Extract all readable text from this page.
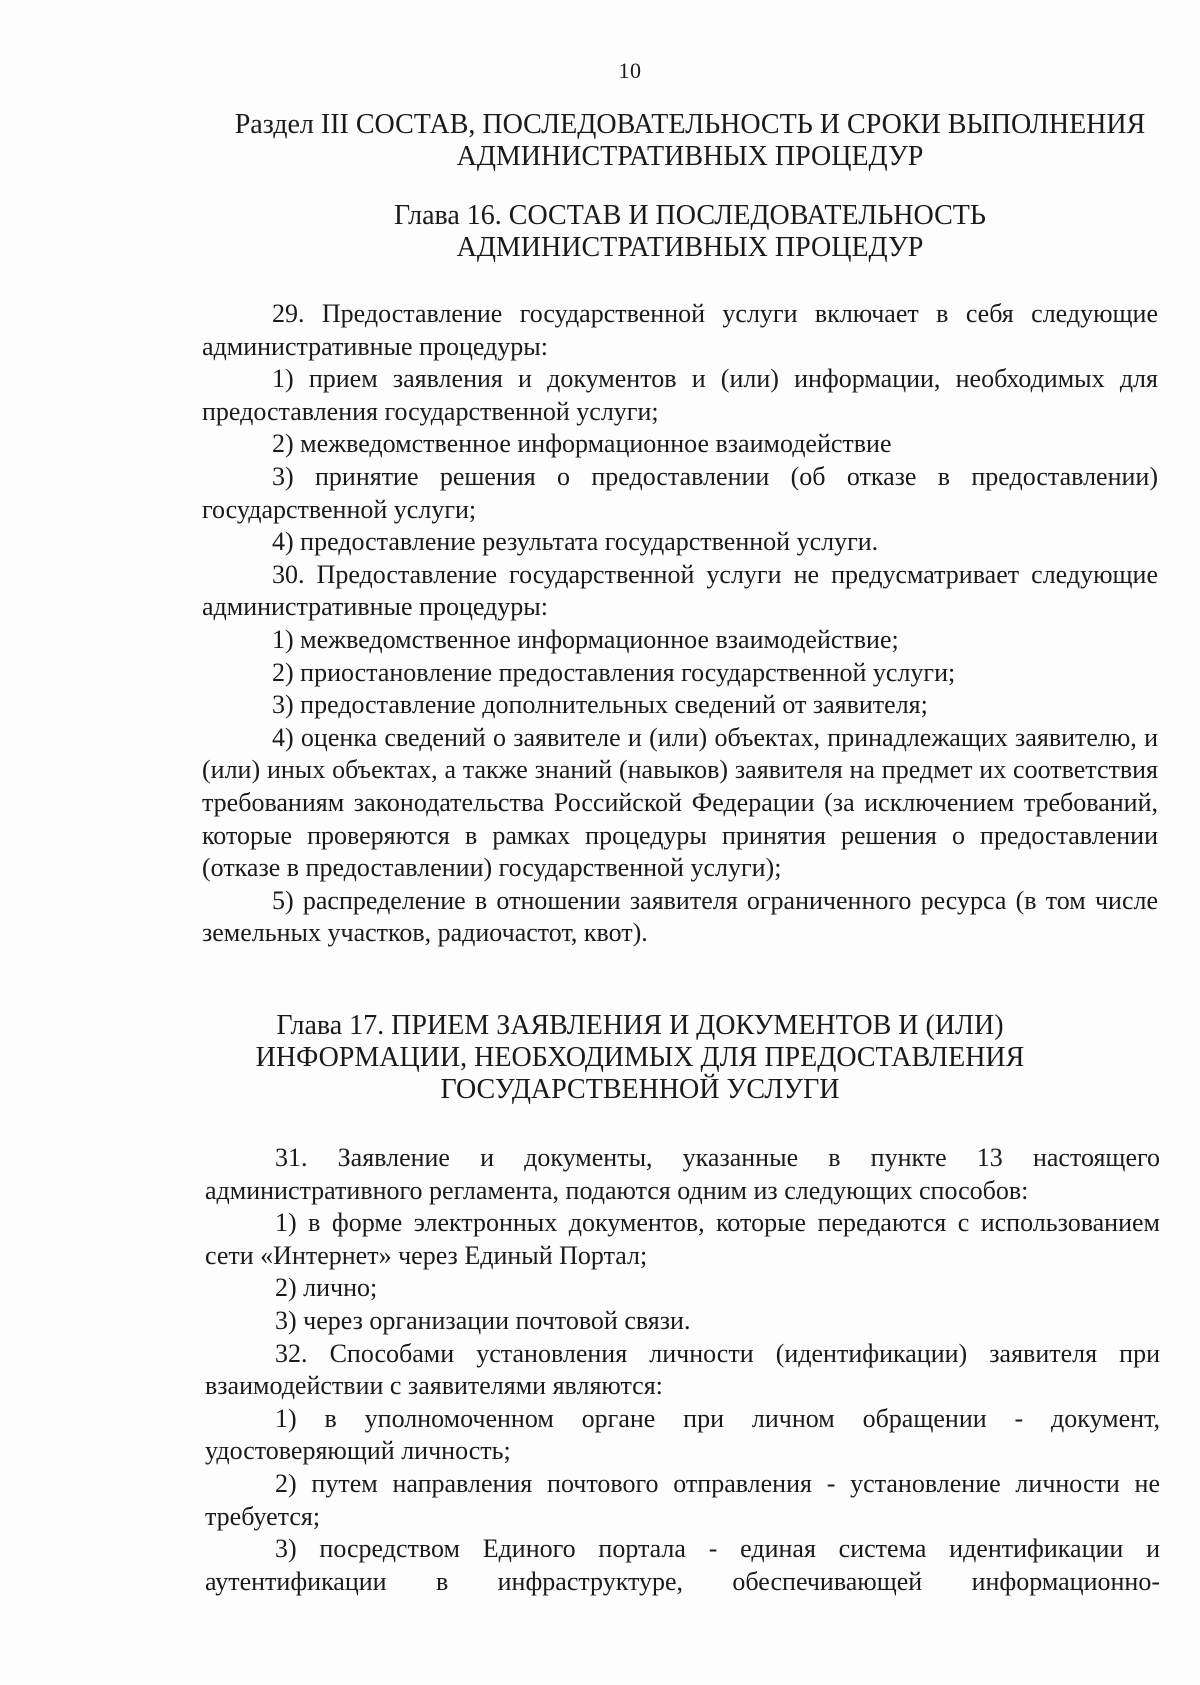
10
Раздел III СОСТАВ, ПОСЛЕДОВАТЕЛЬНОСТЬ И СРОКИ ВЫПОЛНЕНИЯ
АДМИНИСТРАТИВНЫХ ПРОЦЕДУР
Глава 16. СОСТАВ И ПОСЛЕДОВАТЕЛЬНОСТЬ
АДМИНИСТРАТИВНЫХ ПРОЦЕДУР

29. Предоставление государственной услуги включает в себя следующие административные процедуры:

1) прием заявления и документов и (или) информации, необходимых для предоставления государственной услуги;

2) межведомственное информационное взаимодействие

3) принятие решения о предоставлении (об отказе в предоставлении) государственной услуги;

4) предоставление результата государственной услуги.

30. Предоставление государственной услуги не предусматривает следующие административные процедуры:

1) межведомственное информационное взаимодействие;

2) приостановление предоставления государственной услуги;

3) предоставление дополнительных сведений от заявителя;

4) оценка сведений о заявителе и (или) объектах, принадлежащих заявителю, и (или) иных объектах, а также знаний (навыков) заявителя на предмет их соответствия требованиям законодательства Российской Федерации (за исключением требований, которые проверяются в рамках процедуры принятия решения о предоставлении (отказе в предоставлении) государственной услуги);

5) распределение в отношении заявителя ограниченного ресурса (в том числе земельных участков, радиочастот, квот).

Глава 17. ПРИЕМ ЗАЯВЛЕНИЯ И ДОКУМЕНТОВ И (ИЛИ)
ИНФОРМАЦИИ, НЕОБХОДИМЫХ ДЛЯ ПРЕДОСТАВЛЕНИЯ
ГОСУДАРСТВЕННОЙ УСЛУГИ

31. Заявление и документы, указанные в пункте 13 настоящего административного регламента, подаются одним из следующих способов:

1) в форме электронных документов, которые передаются с использованием сети «Интернет» через Единый Портал;

2) лично;

3) через организации почтовой связи.

32. Способами установления личности (идентификации) заявителя при взаимодействии с заявителями являются:

1) в уполномоченном органе при личном обращении - документ, удостоверяющий личность;

2) путем направления почтового отправления - установление личности не требуется;

3) посредством Единого портала - единая система идентификации и аутентификации в инфраструктуре, обеспечивающей информационно-
